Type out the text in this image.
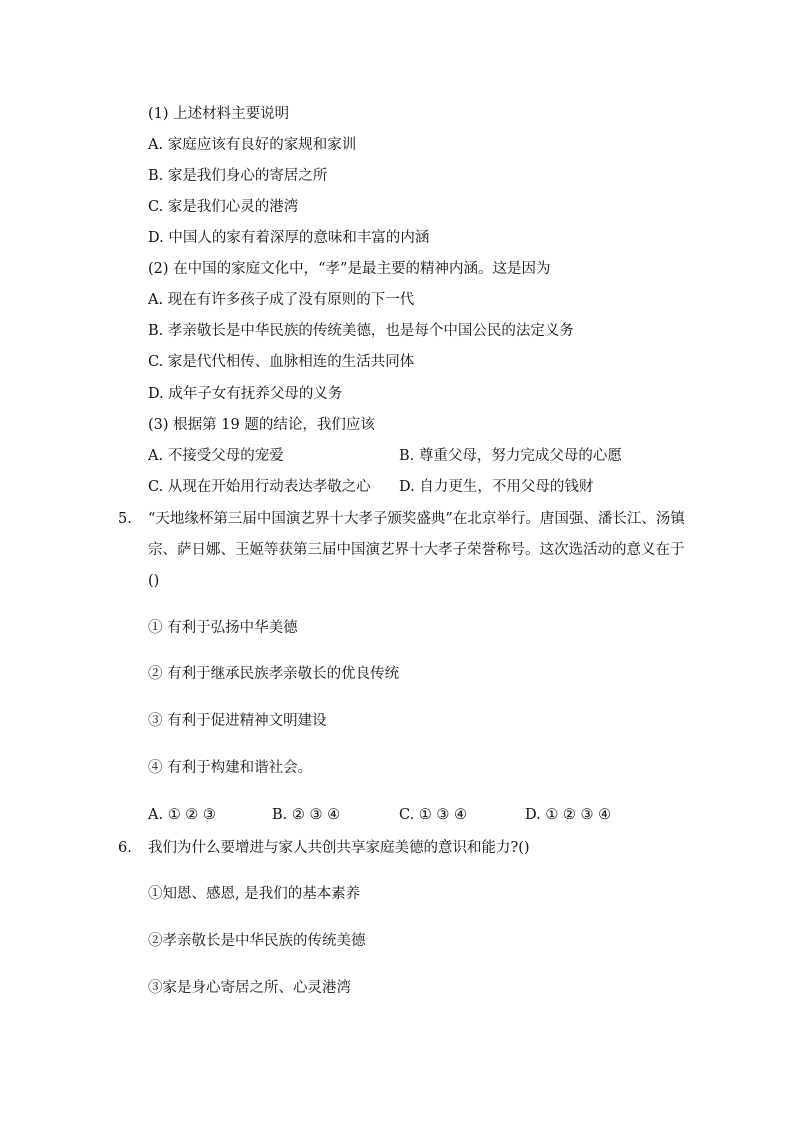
(1) 上述材料主要说明
A. 家庭应该有良好的家规和家训
B. 家是我们身心的寄居之所
C. 家是我们心灵的港湾
D. 中国人的家有着深厚的意味和丰富的内涵
(2) 在中国的家庭文化中，“孝”是最主要的精神内涵。这是因为
A. 现在有许多孩子成了没有原则的下一代
B. 孝亲敬长是中华民族的传统美德，也是每个中国公民的法定义务
C. 家是代代相传、血脉相连的生活共同体
D. 成年子女有抚养父母的义务
(3) 根据第 19 题的结论，我们应该
A. 不接受父母的宠爱	B. 尊重父母，努力完成父母的心愿
C. 从现在开始用行动表达孝敬之心 D. 自力更生，不用父母的钱财
5. “天地缘杯第三届中国演艺界十大孝子颁奖盛典”在北京举行。唐国强、潘长江、汤镇
宗、萨日娜、王姬等获第三届中国演艺界十大孝子荣誉称号。这次选活动的意义在于
()
① 有利于弘扬中华美德
② 有利于继承民族孝亲敬长的优良传统
③ 有利于促进精神文明建设
④ 有利于构建和谐社会。
A. ① ② ③	B. ② ③ ④	C. ① ③ ④	D. ① ② ③ ④
6. 我们为什么要增进与家人共创共享家庭美德的意识和能力?()
①知恩、感恩, 是我们的基本素养
②孝亲敬长是中华民族的传统美德
③家是身心寄居之所、心灵港湾
